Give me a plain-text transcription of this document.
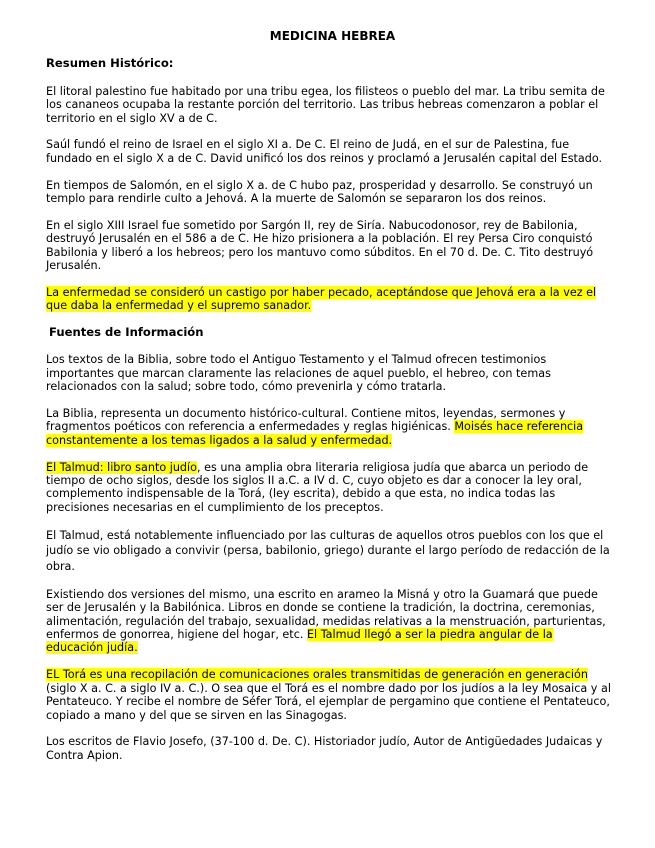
MEDICINA HEBREA
Resumen Histórico:

El litoral palestino fue habitado por una tribu egea, los filisteos o pueblo del mar. La tribu semita de los cananeos ocupaba la restante porción del territorio. Las tribus hebreas comenzaron a poblar el territorio en el siglo XV a de C.

Saúl fundó el reino de Israel en el siglo XI a. De C. El reino de Judá, en el sur de Palestina, fue fundado en el siglo X a de C. David unificó los dos reinos y proclamó a Jerusalén capital del Estado.

En tiempos de Salomón, en el siglo X a. de C hubo paz, prosperidad y desarrollo. Se construyó un templo para rendirle culto a Jehová. A la muerte de Salomón se separaron los dos reinos.

En el siglo XIII Israel fue sometido por Sargón II, rey de Siría. Nabucodonosor, rey de Babilonia, destruyó Jerusalén en el 586 a de C. He hizo prisionera a la población. El rey Persa Ciro conquistó Babilonia y liberó a los hebreos; pero los mantuvo como súbditos. En el 70 d. De. C. Tito destruyó Jerusalén.

La enfermedad se consideró un castigo por haber pecado, aceptándose que Jehová era a la vez el que daba la enfermedad y el supremo sanador.

Fuentes de Información

Los textos de la Biblia, sobre todo el Antiguo Testamento y el Talmud ofrecen testimonios importantes que marcan claramente las relaciones de aquel pueblo, el hebreo, con temas relacionados con la salud; sobre todo, cómo prevenirla y cómo tratarla.

La Biblia, representa un documento histórico-cultural. Contiene mitos, leyendas, sermones y fragmentos poéticos con referencia a enfermedades y reglas higiénicas. Moisés hace referencia constantemente a los temas ligados a la salud y enfermedad.

El Talmud: libro santo judío, es una amplia obra literaria religiosa judía que abarca un periodo de tiempo de ocho siglos, desde los siglos II a.C. a IV d. C, cuyo objeto es dar a conocer la ley oral, complemento indispensable de la Torá, (ley escrita), debido a que esta, no indica todas las precisiones necesarias en el cumplimiento de los preceptos.

El Talmud, está notablemente influenciado por las culturas de aquellos otros pueblos con los que el judío se vio obligado a convivir (persa, babilonio, griego) durante el largo período de redacción de la obra.

Existiendo dos versiones del mismo, una escrito en arameo la Misná y otro la Guamará que puede ser de Jerusalén y la Babilónica. Libros en donde se contiene la tradición, la doctrina, ceremonias, alimentación, regulación del trabajo, sexualidad, medidas relativas a la menstruación, parturientas, enfermos de gonorrea, higiene del hogar, etc. El Talmud llegó a ser la piedra angular de la educación judía.

EL Torá es una recopilación de comunicaciones orales transmitidas de generación en generación (siglo X a. C. a siglo IV a. C.). O sea que el Torá es el nombre dado por los judíos a la ley Mosaica y al Pentateuco. Y recibe el nombre de Séfer Torá, el ejemplar de pergamino que contiene el Pentateuco, copiado a mano y del que se sirven en las Sinagogas.

Los escritos de Flavio Josefo, (37-100 d. De. C). Historiador judío, Autor de Antigüedades Judaicas y Contra Apion.
